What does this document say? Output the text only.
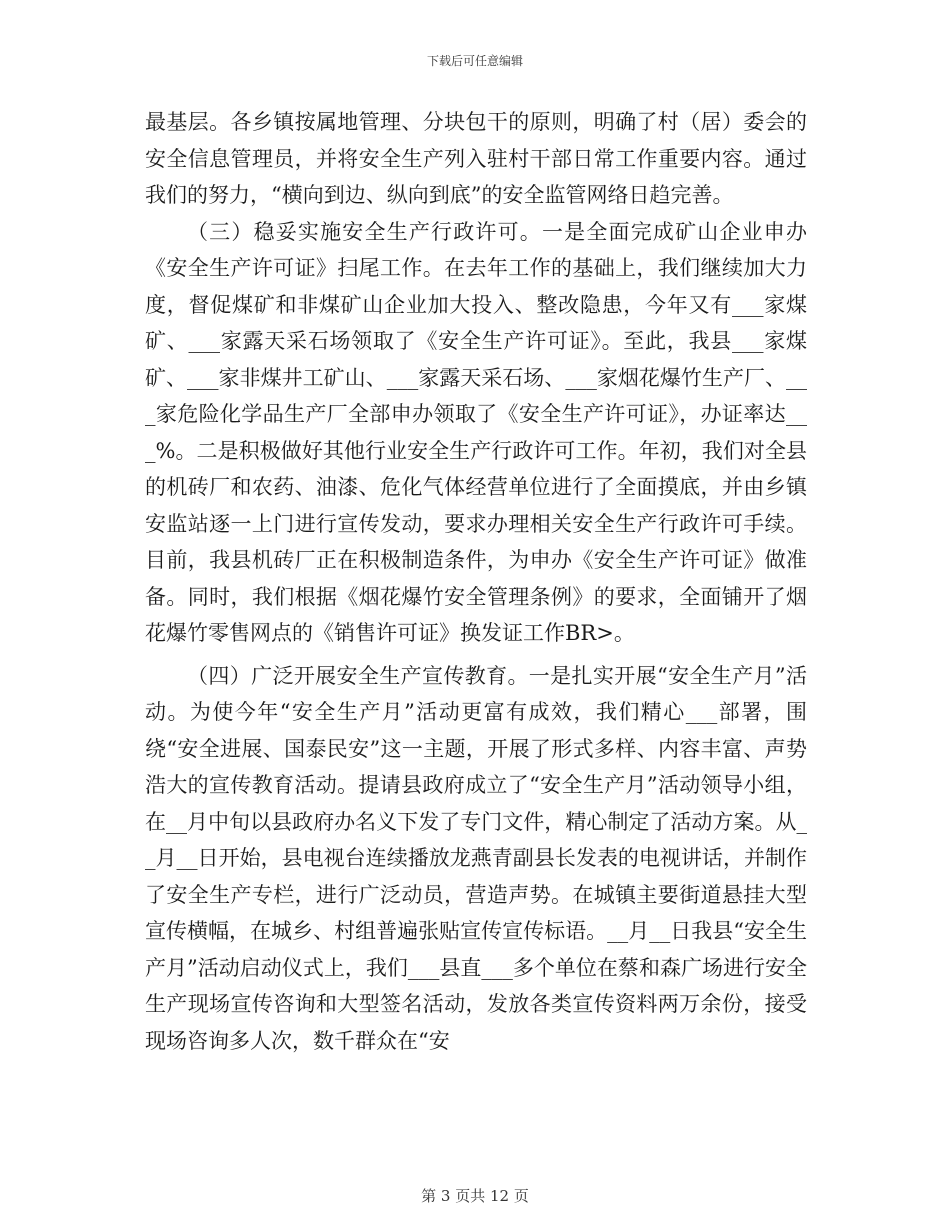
下载后可任意编辑

最基层。各乡镇按属地管理、分块包干的原则，明确了村（居）委会的安全信息管理员，并将安全生产列入驻村干部日常工作重要内容。通过我们的努力，“横向到边、纵向到底”的安全监管网络日趋完善。

（三）稳妥实施安全生产行政许可。一是全面完成矿山企业申办《安全生产许可证》扫尾工作。在去年工作的基础上，我们继续加大力度，督促煤矿和非煤矿山企业加大投入、整改隐患，今年又有___家煤矿、___家露天采石场领取了《安全生产许可证》。至此，我县___家煤矿、___家非煤井工矿山、___家露天采石场、___家烟花爆竹生产厂、___家危险化学品生产厂全部申办领取了《安全生产许可证》，办证率达___%。二是积极做好其他行业安全生产行政许可工作。年初，我们对全县的机砖厂和农药、油漆、危化气体经营单位进行了全面摸底，并由乡镇安监站逐一上门进行宣传发动，要求办理相关安全生产行政许可手续。目前，我县机砖厂正在积极制造条件，为申办《安全生产许可证》做准备。同时，我们根据《烟花爆竹安全管理条例》的要求，全面铺开了烟花爆竹零售网点的《销售许可证》换发证工作BR>。

（四）广泛开展安全生产宣传教育。一是扎实开展“安全生产月”活动。为使今年“安全生产月”活动更富有成效，我们精心___部署，围绕“安全进展、国泰民安”这一主题，开展了形式多样、内容丰富、声势浩大的宣传教育活动。提请县政府成立了“安全生产月”活动领导小组，在__月中旬以县政府办名义下发了专门文件，精心制定了活动方案。从__月__日开始，县电视台连续播放龙燕青副县长发表的电视讲话，并制作了安全生产专栏，进行广泛动员，营造声势。在城镇主要街道悬挂大型宣传横幅，在城乡、村组普遍张贴宣传宣传标语。__月__日我县“安全生产月”活动启动仪式上，我们___县直___多个单位在蔡和森广场进行安全生产现场宣传咨询和大型签名活动，发放各类宣传资料两万余份，接受现场咨询多人次，数千群众在“安

第 3 页共 12 页
